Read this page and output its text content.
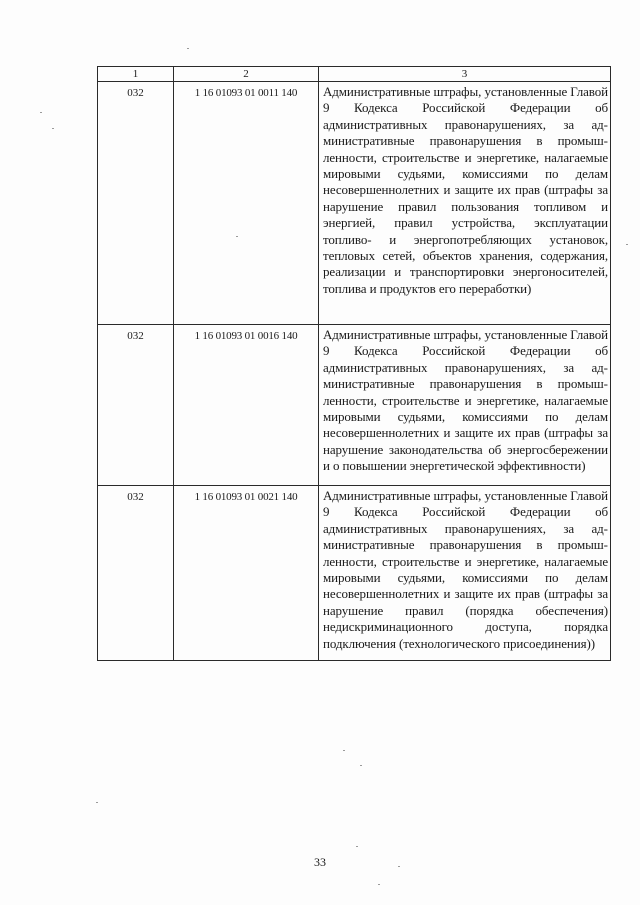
1	2	3
032	1 16 01093 01 0011 140	Административные штрафы, установленные Главой 9 Кодекса Российской Федерации об административных правонарушениях, за административные правонарушения в промышленности, строительстве и энергетике, налагаемые мировыми судьями, комиссиями по делам несовершеннолетних и защите их прав (штрафы за нарушение правил пользования топливом и энергией, правил устройства, эксплуатации топливо- и энергопотребляющих установок, тепловых сетей, объектов хранения, содержания, реализации и транспортировки энергоносителей, топлива и продуктов его переработки)

032	1 16 01093 01 0016 140	Административные штрафы, установленные Главой 9 Кодекса Российской Федерации об административных правонарушениях, за административные правонарушения в промышленности, строительстве и энергетике, налагаемые мировыми судьями, комиссиями по делам несовершеннолетних и защите их прав (штрафы за нарушение законодательства об энергосбережении и о повышении энергетической эффективности)

032	1 16 01093 01 0021 140	Административные штрафы, установленные Главой 9 Кодекса Российской Федерации об административных правонарушениях, за административные правонарушения в промышленности, строительстве и энергетике, налагаемые мировыми судьями, комиссиями по делам несовершеннолетних и защите их прав (штрафы за нарушение правил (порядка обеспечения) недискриминационного доступа, порядка подключения (технологического присоединения))
33
